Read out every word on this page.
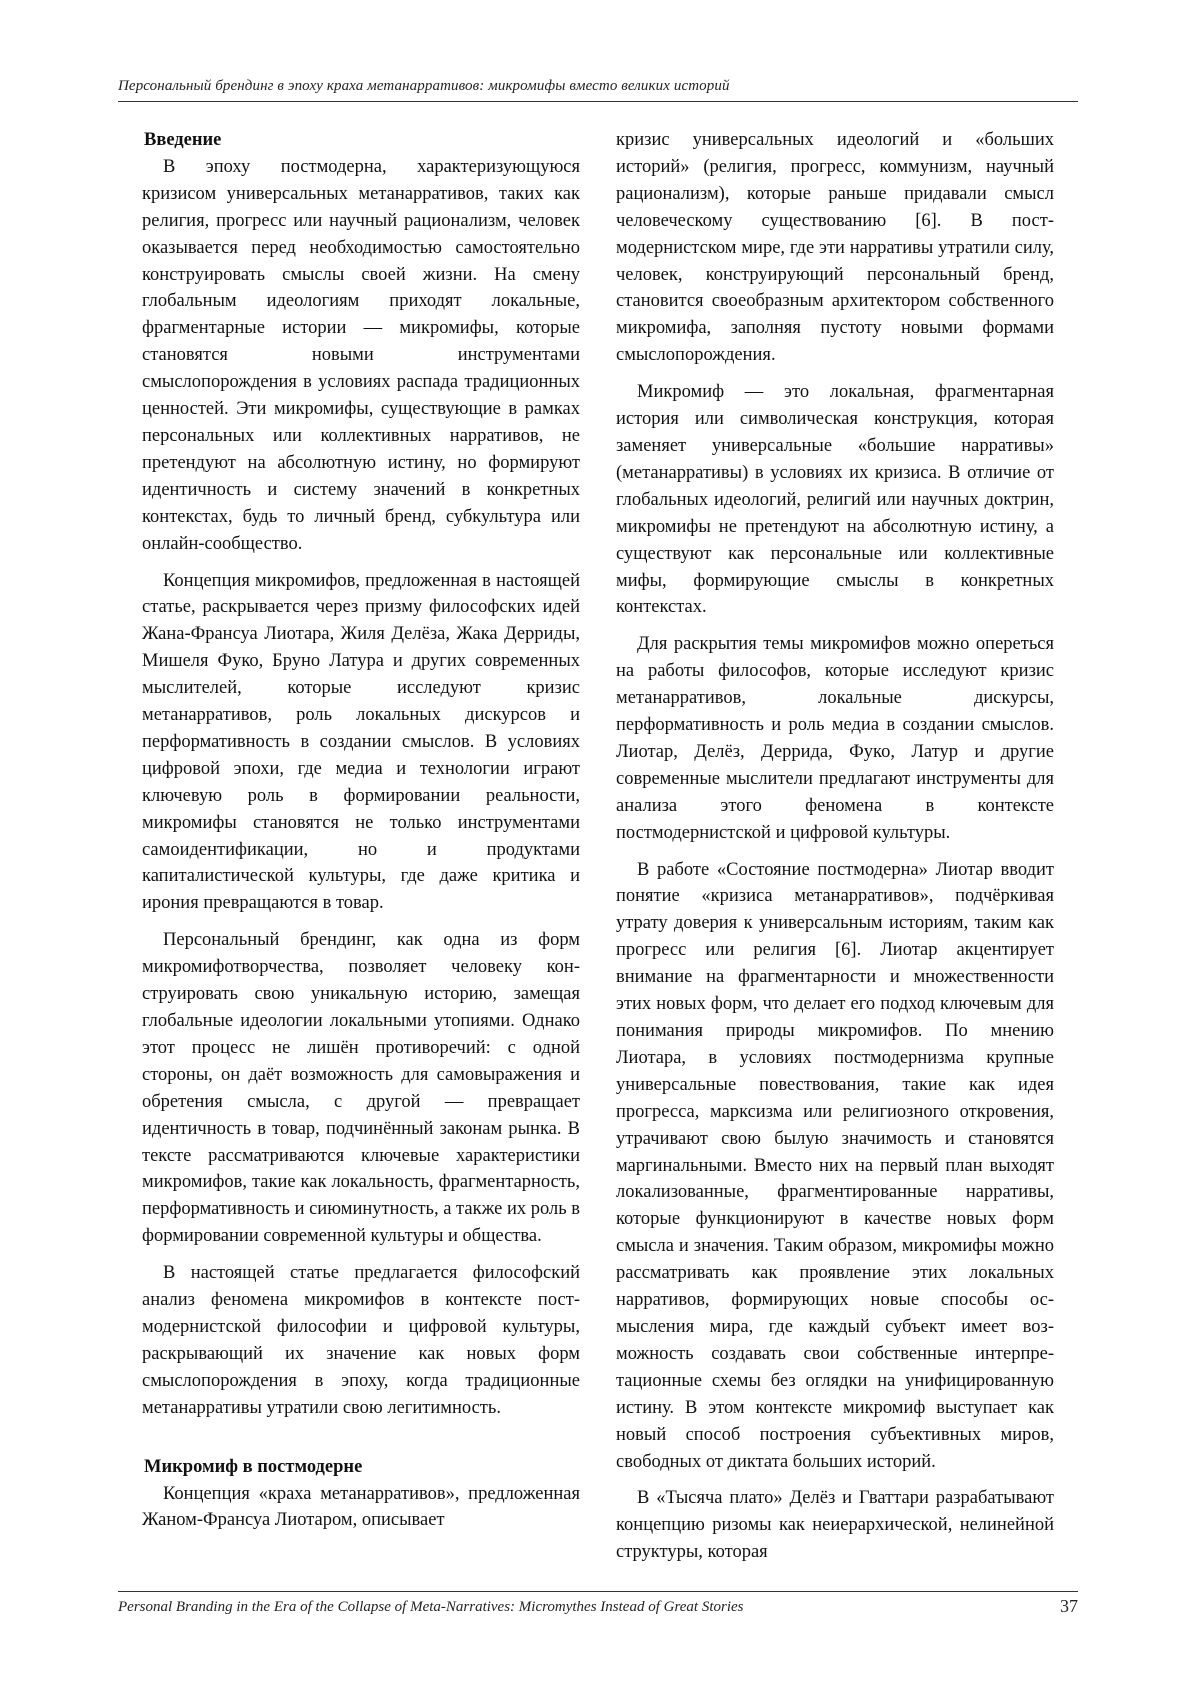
Персональный брендинг в эпоху краха метанарративов: микромифы вместо великих историй
Введение

В эпоху постмодерна, характеризующуюся кризисом универсальных метанарративов, таких как религия, прогресс или научный рационализм, человек оказывается перед необходимостью самостоятельно конструировать смыслы своей жизни. На смену глобальным идеологиям приходят локальные, фрагментарные истории — микромифы, которые становятся новыми инструментами смыслопорождения в условиях распада традиционных ценностей. Эти микромифы, существующие в рамках персональных или коллективных нарративов, не претендуют на абсолютную истину, но формируют идентичность и систему значений в конкретных контекстах, будь то личный бренд, субкультура или онлайн-сообщество.

Концепция микромифов, предложенная в настоящей статье, раскрывается через призму философских идей Жана-Франсуа Лиотара, Жиля Делёза, Жака Дерриды, Мишеля Фуко, Бруно Латура и других современных мыслителей, которые исследуют кризис метанарративов, роль локальных дискурсов и перформативность в создании смыслов. В условиях цифровой эпохи, где медиа и технологии играют ключевую роль в формировании реальности, микромифы становятся не только инструментами самоидентификации, но и продуктами капиталистической культуры, где даже критика и ирония превращаются в товар.

Персональный брендинг, как одна из форм микромифотворчества, позволяет человеку конструировать свою уникальную историю, замещая глобальные идеологии локальными утопиями. Однако этот процесс не лишён противоречий: с одной стороны, он даёт возможность для самовыражения и обретения смысла, с другой — превращает идентичность в товар, подчинённый законам рынка. В тексте рассматриваются ключевые характеристики микромифов, такие как локальность, фрагментарность, перформативность и сиюминутность, а также их роль в формировании современной культуры и общества.

В настоящей статье предлагается философский анализ феномена микромифов в контексте постмодернистской философии и цифровой культуры, раскрывающий их значение как новых форм смыслопорождения в эпоху, когда традиционные метанарративы утратили свою легитимность.

Микромиф в постмодерне

Концепция «краха метанарративов», предложенная Жаном-Франсуа Лиотаром, описывает

кризис универсальных идеологий и «больших историй» (религия, прогресс, коммунизм, научный рационализм), которые раньше придавали смысл человеческому существованию [6]. В постмодернистском мире, где эти нарративы утратили силу, человек, конструирующий персональный бренд, становится своеобразным архитектором собственного микромифа, заполняя пустоту новыми формами смыслопорождения.

Микромиф — это локальная, фрагментарная история или символическая конструкция, которая заменяет универсальные «большие нарративы» (метанарративы) в условиях их кризиса. В отличие от глобальных идеологий, религий или научных доктрин, микромифы не претендуют на абсолютную истину, а существуют как персональные или коллективные мифы, формирующие смыслы в конкретных контекстах.

Для раскрытия темы микромифов можно опереться на работы философов, которые исследуют кризис метанарративов, локальные дискурсы, перформативность и роль медиа в создании смыслов. Лиотар, Делёз, Деррида, Фуко, Латур и другие современные мыслители предлагают инструменты для анализа этого феномена в контексте постмодернистской и цифровой культуры.

В работе «Состояние постмодерна» Лиотар вводит понятие «кризиса метанарративов», подчёркивая утрату доверия к универсальным историям, таким как прогресс или религия [6]. Лиотар акцентирует внимание на фрагментарности и множественности этих новых форм, что делает его подход ключевым для понимания природы микромифов. По мнению Лиотара, в условиях постмодернизма крупные универсальные повествования, такие как идея прогресса, марксизма или религиозного откровения, утрачивают свою былую значимость и становятся маргинальными. Вместо них на первый план выходят локализованные, фрагментированные нарративы, которые функционируют в качестве новых форм смысла и значения. Таким образом, микромифы можно рассматривать как проявление этих локальных нарративов, формирующих новые способы осмысления мира, где каждый субъект имеет возможность создавать свои собственные интерпретационные схемы без оглядки на унифицированную истину. В этом контексте микромиф выступает как новый способ построения субъективных миров, свободных от диктата больших историй.

В «Тысяча плато» Делёз и Гваттари разрабатывают концепцию ризомы как неиерархической, нелинейной структуры, которая

Personal Branding in the Era of the Collapse of Meta-Narratives: Micromythes Instead of Great Stories	37
